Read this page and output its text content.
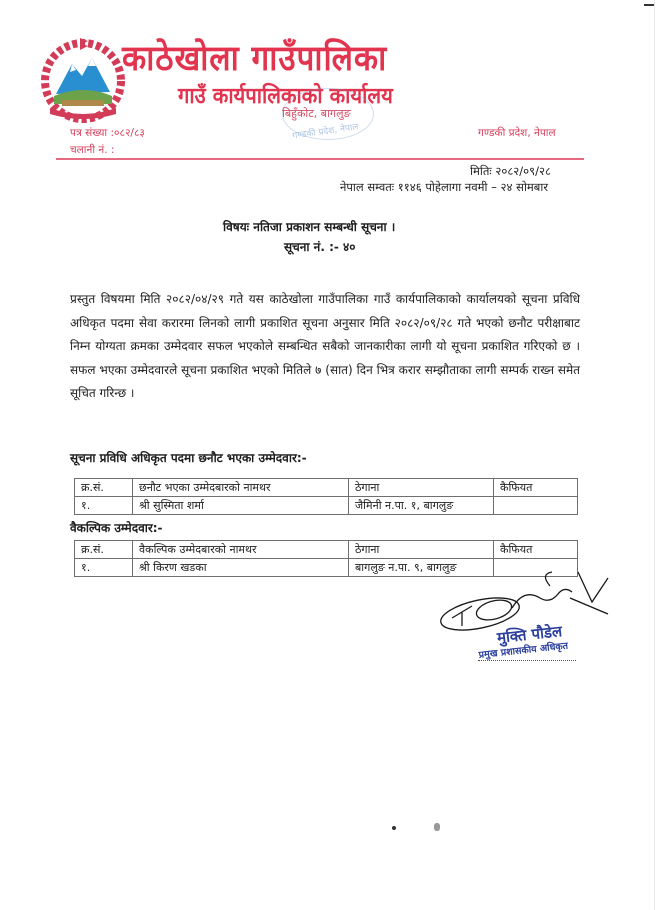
काठेखोला गाउँपालिका
गाउँ कार्यपालिकाको कार्यालय
गण्डकी प्रदेश, नेपाल
बिहुँकोट, बागलुङ
पत्र संख्या :०८२/८३
चलानी नं. :
गण्डकी प्रदेश, नेपाल
मितिः २०८२/०९/२८
नेपाल सम्वतः ११४६ पोहेलागा नवमी – २४ सोमबार
विषयः नतिजा प्रकाशन सम्बन्धी सूचना ।
सूचना नं. :- ४०
प्रस्तुत विषयमा मिति २०८२/०४/२९ गते यस काठेखोला गाउँपालिका गाउँ कार्यपालिकाको कार्यालयको सूचना प्रविधि अधिकृत पदमा सेवा करारमा लिनको लागी प्रकाशित सूचना अनुसार मिति २०८२/०९/२८ गते भएको छनौट परीक्षाबाट निम्न योग्यता क्रमका उम्मेदवार सफल भएकोले सम्बन्धित सबैको जानकारीका लागी यो सूचना प्रकाशित गरिएको छ । सफल भएका उम्मेदवारले सूचना प्रकाशित भएको मितिले ७ (सात) दिन भित्र करार सम्झौताका लागी सम्पर्क राख्न समेत सूचित गरिन्छ ।
सूचना प्रविधि अधिकृत पदमा छनौट भएका उम्मेदवार:-
क्र.सं.	छनौट भएका उम्मेदबारको नामथर	ठेगाना	कैफियत
१.	श्री सुस्मिता शर्मा	जैमिनी न.पा. १, बागलुङ	
वैकल्पिक उम्मेदवार:-
क्र.सं.	वैकल्पिक उम्मेदबारको नामथर	ठेगाना	कैफियत
१.	श्री किरण खडका	बागलुङ न.पा. ९, बागलुङ	
मुक्ति पौडेल
प्रमुख प्रशासकीय अधिकृत
